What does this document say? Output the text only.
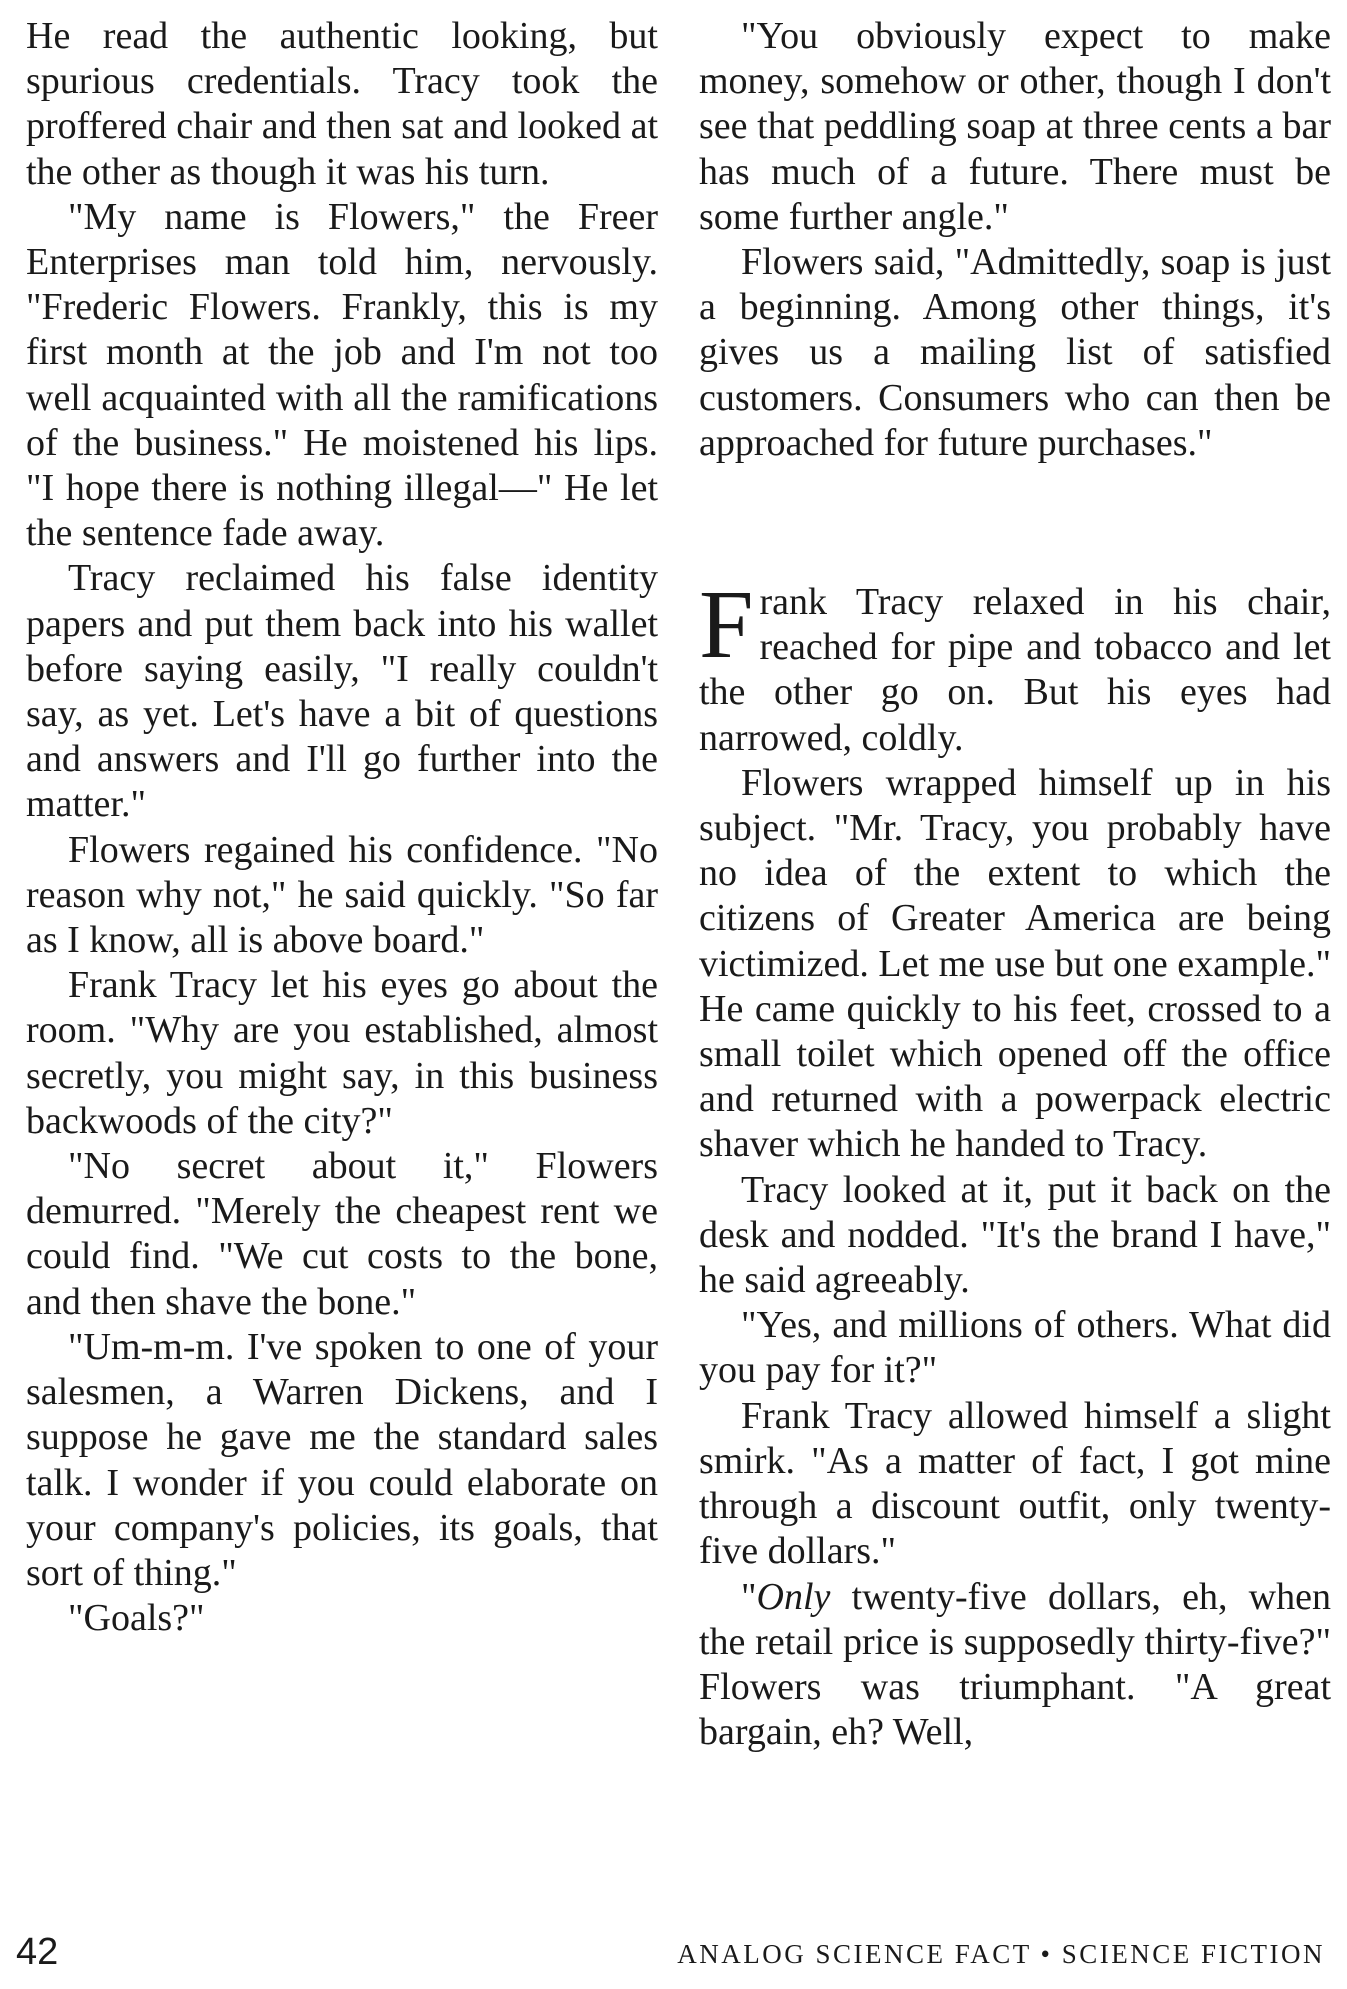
He read the authentic looking, but spurious credentials. Tracy took the proffered chair and then sat and looked at the other as though it was his turn.

"My name is Flowers," the Freer Enterprises man told him, nervously. "Frederic Flowers. Frankly, this is my first month at the job and I'm not too well acquainted with all the ramifications of the business." He moistened his lips. "I hope there is nothing illegal—" He let the sentence fade away.

Tracy reclaimed his false identity papers and put them back into his wallet before saying easily, "I really couldn't say, as yet. Let's have a bit of questions and answers and I'll go further into the matter."

Flowers regained his confidence. "No reason why not," he said quickly. "So far as I know, all is above board."

Frank Tracy let his eyes go about the room. "Why are you established, almost secretly, you might say, in this business backwoods of the city?"

"No secret about it," Flowers demurred. "Merely the cheapest rent we could find. "We cut costs to the bone, and then shave the bone."

"Um-m-m. I've spoken to one of your salesmen, a Warren Dickens, and I suppose he gave me the standard sales talk. I wonder if you could elaborate on your company's policies, its goals, that sort of thing."

"Goals?"

"You obviously expect to make money, somehow or other, though I don't see that peddling soap at three cents a bar has much of a future. There must be some further angle."

Flowers said, "Admittedly, soap is just a beginning. Among other things, it's gives us a mailing list of satisfied customers. Consumers who can then be approached for future purchases."

Frank Tracy relaxed in his chair, reached for pipe and tobacco and let the other go on. But his eyes had narrowed, coldly.

Flowers wrapped himself up in his subject. "Mr. Tracy, you probably have no idea of the extent to which the citizens of Greater America are being victimized. Let me use but one example." He came quickly to his feet, crossed to a small toilet which opened off the office and returned with a powerpack electric shaver which he handed to Tracy.

Tracy looked at it, put it back on the desk and nodded. "It's the brand I have," he said agreeably.

"Yes, and millions of others. What did you pay for it?"

Frank Tracy allowed himself a slight smirk. "As a matter of fact, I got mine through a discount outfit, only twenty-five dollars."

"Only twenty-five dollars, eh, when the retail price is supposedly thirty-five?" Flowers was triumphant. "A great bargain, eh? Well,

42	ANALOG SCIENCE FACT • SCIENCE FICTION
